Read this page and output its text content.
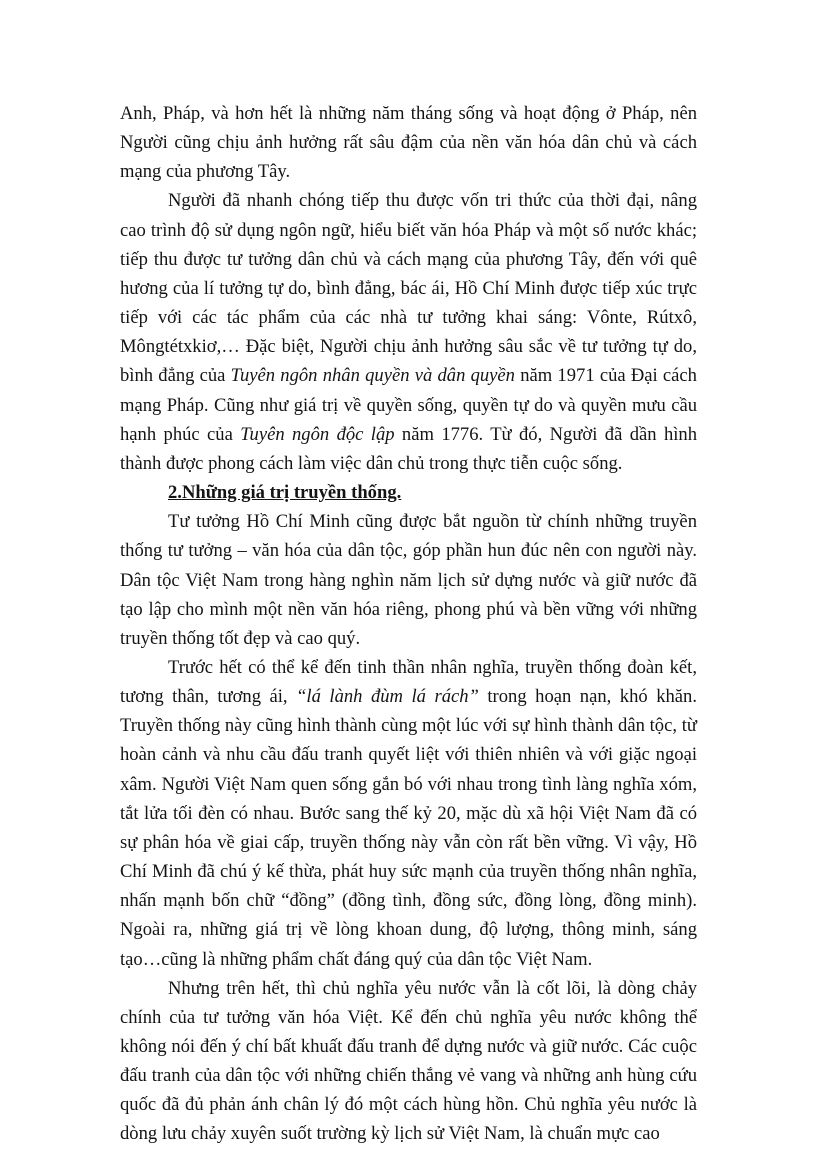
Anh, Pháp, và hơn hết là những năm tháng sống và hoạt động ở Pháp, nên Người cũng chịu ảnh hưởng rất sâu đậm của nền văn hóa dân chủ và cách mạng của phương Tây.

Người đã nhanh chóng tiếp thu được vốn tri thức của thời đại, nâng cao trình độ sử dụng ngôn ngữ, hiểu biết văn hóa Pháp và một số nước khác; tiếp thu được tư tưởng dân chủ và cách mạng của phương Tây, đến với quê hương của lí tưởng tự do, bình đẳng, bác ái, Hồ Chí Minh được tiếp xúc trực tiếp với các tác phẩm của các nhà tư tưởng khai sáng: Vônte, Rútxô, Môngtétxkiơ,… Đặc biệt, Người chịu ảnh hưởng sâu sắc về tư tưởng tự do, bình đẳng của Tuyên ngôn nhân quyền và dân quyền năm 1971 của Đại cách mạng Pháp. Cũng như giá trị về quyền sống, quyền tự do và quyền mưu cầu hạnh phúc của Tuyên ngôn độc lập năm 1776. Từ đó, Người đã dần hình thành được phong cách làm việc dân chủ trong thực tiễn cuộc sống.

2.Những giá trị truyền thống.

Tư tưởng Hồ Chí Minh cũng được bắt nguồn từ chính những truyền thống tư tưởng – văn hóa của dân tộc, góp phần hun đúc nên con người này. Dân tộc Việt Nam trong hàng nghìn năm lịch sử dựng nước và giữ nước đã tạo lập cho mình một nền văn hóa riêng, phong phú và bền vững với những truyền thống tốt đẹp và cao quý.

Trước hết có thể kể đến tinh thần nhân nghĩa, truyền thống đoàn kết, tương thân, tương ái, “lá lành đùm lá rách” trong hoạn nạn, khó khăn. Truyền thống này cũng hình thành cùng một lúc với sự hình thành dân tộc, từ hoàn cảnh và nhu cầu đấu tranh quyết liệt với thiên nhiên và với giặc ngoại xâm. Người Việt Nam quen sống gắn bó với nhau trong tình làng nghĩa xóm, tắt lửa tối đèn có nhau. Bước sang thế kỷ 20, mặc dù xã hội Việt Nam đã có sự phân hóa về giai cấp, truyền thống này vẫn còn rất bền vững. Vì vậy, Hồ Chí Minh đã chú ý kế thừa, phát huy sức mạnh của truyền thống nhân nghĩa, nhấn mạnh bốn chữ “đồng” (đồng tình, đồng sức, đồng lòng, đồng minh). Ngoài ra, những giá trị về lòng khoan dung, độ lượng, thông minh, sáng tạo…cũng là những phẩm chất đáng quý của dân tộc Việt Nam.

Nhưng trên hết, thì chủ nghĩa yêu nước vẫn là cốt lõi, là dòng chảy chính của tư tưởng văn hóa Việt. Kể đến chủ nghĩa yêu nước không thể không nói đến ý chí bất khuất đấu tranh để dựng nước và giữ nước. Các cuộc đấu tranh của dân tộc với những chiến thắng vẻ vang và những anh hùng cứu quốc đã đủ phản ánh chân lý đó một cách hùng hồn. Chủ nghĩa yêu nước là dòng lưu chảy xuyên suốt trường kỳ lịch sử Việt Nam, là chuẩn mực cao
